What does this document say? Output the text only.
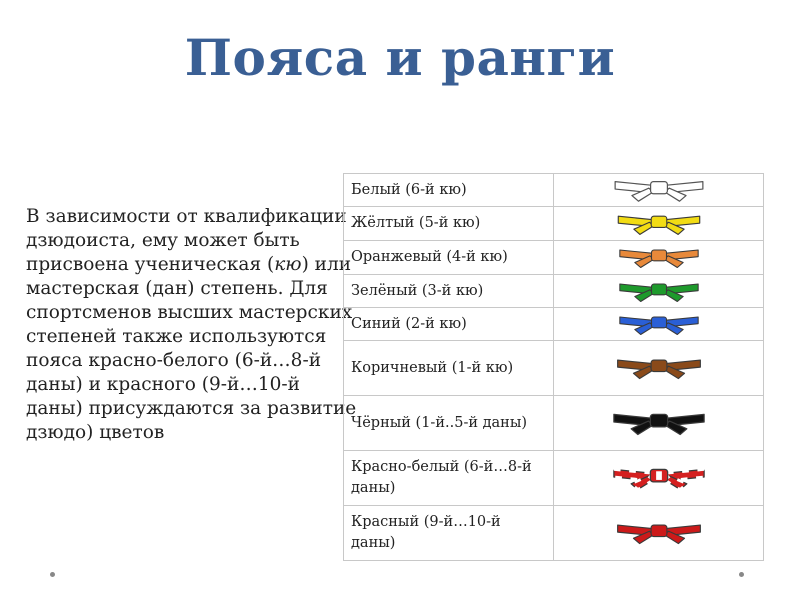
Пояса и ранги
В зависимости от квалификации дзюдоиста, ему может быть присвоена ученическая (кю) или мастерская (дан) степень. Для спортсменов высших мастерских степеней также используются пояса красно-белого (6-й…8-й даны) и красного (9-й…10-й даны) присуждаются за развитие дзюдо) цветов
Белый (6-й кю)	

Жёлтый (5-й кю)	

Оранжевый (4-й кю)	

Зелёный (3-й кю)	

Синий (2-й кю)	

Коричневый (1-й кю)	

Чёрный (1-й..5-й даны)	

Красно-белый (6-й…8-й даны)	

Красный (9-й…10-й даны)	
